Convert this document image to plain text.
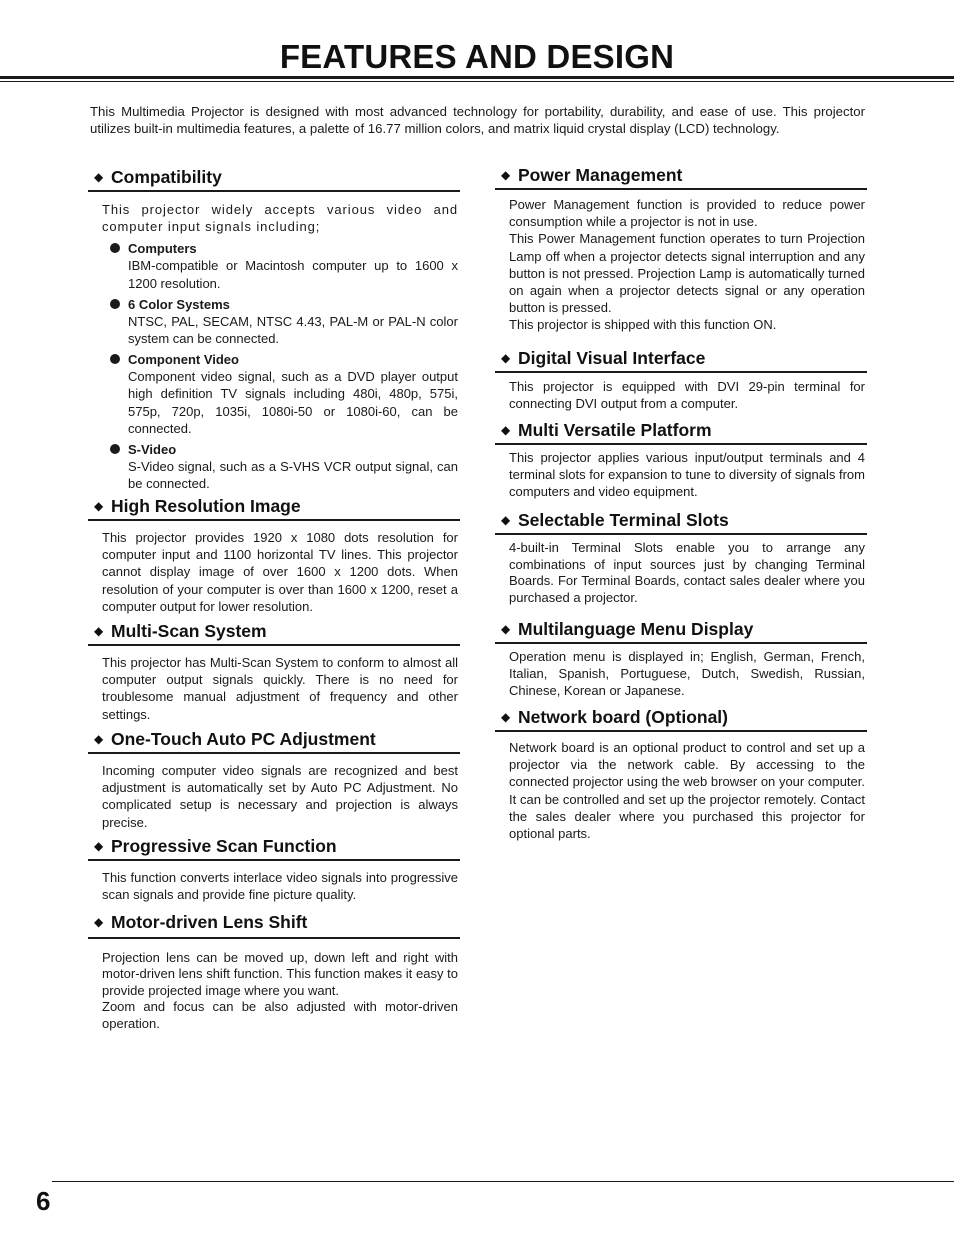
FEATURES AND DESIGN
This Multimedia Projector is designed with most advanced technology for portability, durability, and ease of use. This projector utilizes built-in multimedia features, a palette of 16.77 million colors, and matrix liquid crystal display (LCD) technology.
◆ Compatibility

This projector widely accepts various video and computer input signals including;

Computers
IBM-compatible or Macintosh computer up to 1600 x 1200 resolution.
6 Color Systems
NTSC, PAL, SECAM, NTSC 4.43, PAL-M or PAL-N color system can be connected.
Component Video
Component video signal, such as a DVD player output high definition TV signals including 480i, 480p, 575i, 575p, 720p, 1035i, 1080i-50 or 1080i-60, can be connected.
S-Video
S-Video signal, such as a S-VHS VCR output signal, can be connected.
◆ High Resolution Image

This projector provides 1920 x 1080 dots resolution for computer input and 1100 horizontal TV lines. This projector cannot display image of over 1600 x 1200 dots. When resolution of your computer is over than 1600 x 1200, reset a computer output for lower resolution.

◆ Multi-Scan System

This projector has Multi-Scan System to conform to almost all computer output signals quickly. There is no need for troublesome manual adjustment of frequency and other settings.

◆ One-Touch Auto PC Adjustment

Incoming computer video signals are recognized and best adjustment is automatically set by Auto PC Adjustment. No complicated setup is necessary and projection is always precise.

◆ Progressive Scan Function

This function converts interlace video signals into progressive scan signals and provide fine picture quality.

◆ Motor-driven Lens Shift

Projection lens can be moved up, down left and right with motor-driven lens shift function. This function makes it easy to provide projected image where you want.

Zoom and focus can be also adjusted with motor-driven operation.

◆ Power Management

Power Management function is provided to reduce power consumption while a projector is not in use.

This Power Management function operates to turn Projection Lamp off when a projector detects signal interruption and any button is not pressed. Projection Lamp is automatically turned on again when a projector detects signal or any operation button is pressed.

This projector is shipped with this function ON.

◆ Digital Visual Interface

This projector is equipped with DVI 29-pin terminal for connecting DVI output from a computer.

◆ Multi Versatile Platform

This projector applies various input/output terminals and 4 terminal slots for expansion to tune to diversity of signals from computers and video equipment.

◆ Selectable Terminal Slots

4-built-in Terminal Slots enable you to arrange any combinations of input sources just by changing Terminal Boards. For Terminal Boards, contact sales dealer where you purchased a projector.

◆ Multilanguage Menu Display

Operation menu is displayed in; English, German, French, Italian, Spanish, Portuguese, Dutch, Swedish, Russian, Chinese, Korean or Japanese.

◆ Network board (Optional)

Network board is an optional product to control and set up a projector via the network cable. By accessing to the connected projector using the web browser on your computer. It can be controlled and set up the projector remotely. Contact the sales dealer where you purchased this projector for optional parts.

6
